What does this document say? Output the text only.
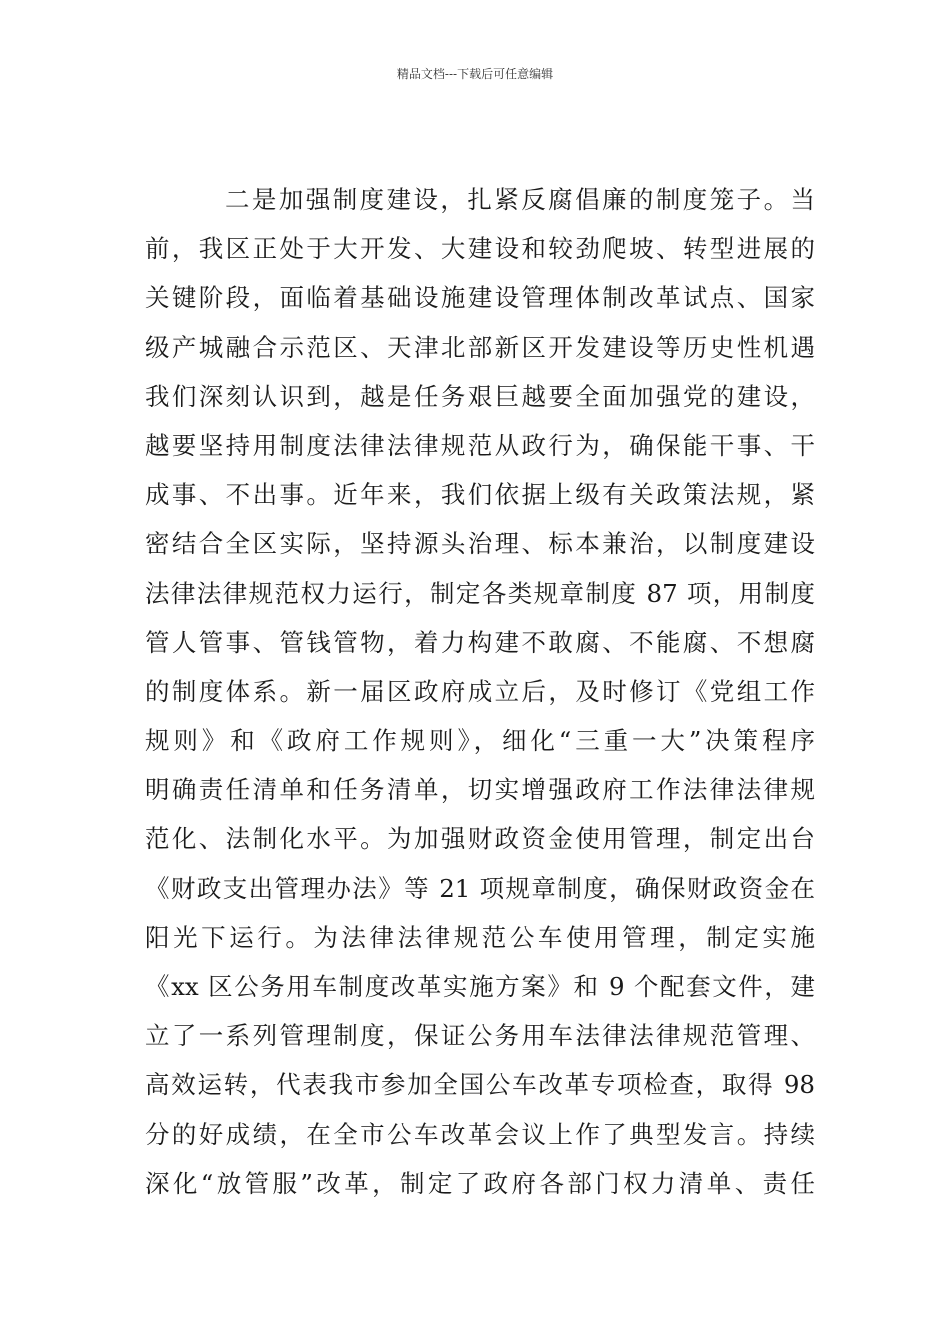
精品文档---下载后可任意编辑
二是加强制度建设，扎紧反腐倡廉的制度笼子。当
前，我区正处于大开发、大建设和较劲爬坡、转型进展的
关键阶段，面临着基础设施建设管理体制改革试点、国家
级产城融合示范区、天津北部新区开发建设等历史性机遇
我们深刻认识到，越是任务艰巨越要全面加强党的建设，
越要坚持用制度法律法律规范从政行为，确保能干事、干
成事、不出事。近年来，我们依据上级有关政策法规，紧
密结合全区实际，坚持源头治理、标本兼治，以制度建设
法律法律规范权力运行，制定各类规章制度 87 项，用制度
管人管事、管钱管物，着力构建不敢腐、不能腐、不想腐
的制度体系。新一届区政府成立后，及时修订《党组工作
规则》和《政府工作规则》，细化“三重一大”决策程序
明确责任清单和任务清单，切实增强政府工作法律法律规
范化、法制化水平。为加强财政资金使用管理，制定出台
《财政支出管理办法》等 21 项规章制度，确保财政资金在
阳光下运行。为法律法律规范公车使用管理，制定实施
《xx 区公务用车制度改革实施方案》和 9 个配套文件，建
立了一系列管理制度，保证公务用车法律法律规范管理、
高效运转，代表我市参加全国公车改革专项检查，取得 98
分的好成绩，在全市公车改革会议上作了典型发言。持续
深化“放管服”改革，制定了政府各部门权力清单、责任
